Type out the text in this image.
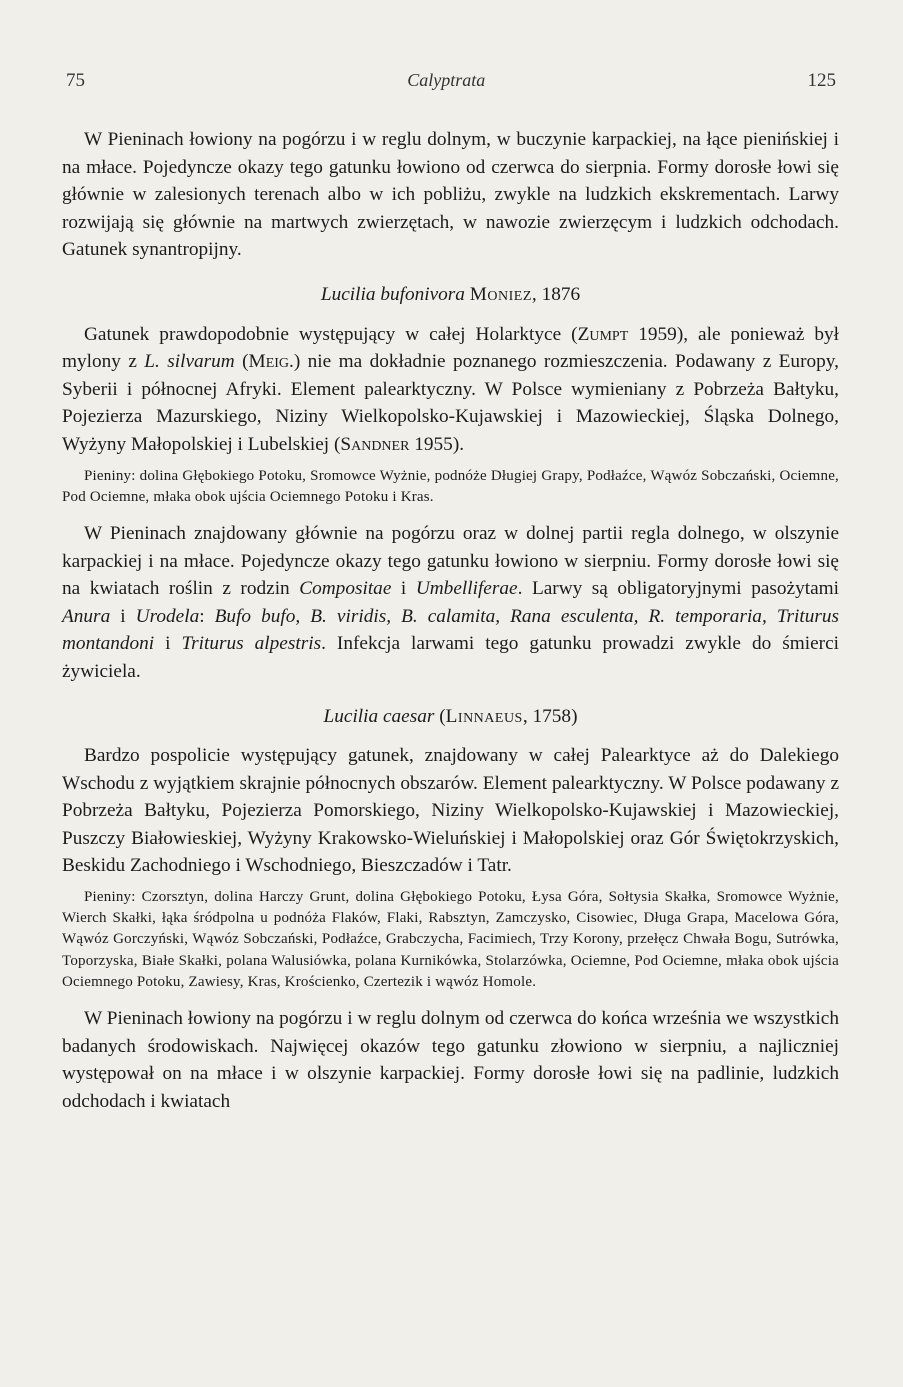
75	Calyptrata	125

W Pieninach łowiony na pogórzu i w reglu dolnym, w buczynie karpackiej, na łące pienińskiej i na młace. Pojedyncze okazy tego gatunku łowiono od czerwca do sierpnia. Formy dorosłe łowi się głównie w zalesionych terenach albo w ich pobliżu, zwykle na ludzkich ekskrementach. Larwy rozwijają się głównie na martwych zwierzętach, w nawozie zwierzęcym i ludzkich odchodach. Gatunek synantropijny.

Lucilia bufonivora Moniez, 1876

Gatunek prawdopodobnie występujący w całej Holarktyce (Zumpt 1959), ale ponieważ był mylony z L. silvarum (Meig.) nie ma dokładnie poznanego rozmieszczenia. Podawany z Europy, Syberii i północnej Afryki. Element palearktyczny. W Polsce wymieniany z Pobrzeża Bałtyku, Pojezierza Mazurskiego, Niziny Wielkopolsko-Kujawskiej i Mazowieckiej, Śląska Dolnego, Wyżyny Małopolskiej i Lubelskiej (Sandner 1955).

Pieniny: dolina Głębokiego Potoku, Sromowce Wyżnie, podnóże Długiej Grapy, Podłaźce, Wąwóz Sobczański, Ociemne, Pod Ociemne, młaka obok ujścia Ociemnego Potoku i Kras.

W Pieninach znajdowany głównie na pogórzu oraz w dolnej partii regla dolnego, w olszynie karpackiej i na młace. Pojedyncze okazy tego gatunku łowiono w sierpniu. Formy dorosłe łowi się na kwiatach roślin z rodzin Compositae i Umbelliferae. Larwy są obligatoryjnymi pasożytami Anura i Urodela: Bufo bufo, B. viridis, B. calamita, Rana esculenta, R. temporaria, Triturus montandoni i Triturus alpestris. Infekcja larwami tego gatunku prowadzi zwykle do śmierci żywiciela.

Lucilia caesar (Linnaeus, 1758)

Bardzo pospolicie występujący gatunek, znajdowany w całej Palearktyce aż do Dalekiego Wschodu z wyjątkiem skrajnie północnych obszarów. Element palearktyczny. W Polsce podawany z Pobrzeża Bałtyku, Pojezierza Pomorskiego, Niziny Wielkopolsko-Kujawskiej i Mazowieckiej, Puszczy Białowieskiej, Wyżyny Krakowsko-Wieluńskiej i Małopolskiej oraz Gór Świętokrzyskich, Beskidu Zachodniego i Wschodniego, Bieszczadów i Tatr.

Pieniny: Czorsztyn, dolina Harczy Grunt, dolina Głębokiego Potoku, Łysa Góra, Sołtysia Skałka, Sromowce Wyżnie, Wierch Skałki, łąka śródpolna u podnóża Flaków, Flaki, Rabsztyn, Zamczysko, Cisowiec, Długa Grapa, Macelowa Góra, Wąwóz Gorczyński, Wąwóz Sobczański, Podłaźce, Grabczycha, Facimiech, Trzy Korony, przełęcz Chwała Bogu, Sutrówka, Toporzyska, Białe Skałki, polana Walusiówka, polana Kurnikówka, Stolarzówka, Ociemne, Pod Ociemne, młaka obok ujścia Ociemnego Potoku, Zawiesy, Kras, Krościenko, Czertezik i wąwóz Homole.

W Pieninach łowiony na pogórzu i w reglu dolnym od czerwca do końca września we wszystkich badanych środowiskach. Najwięcej okazów tego gatunku złowiono w sierpniu, a najliczniej występował on na młace i w olszynie karpackiej. Formy dorosłe łowi się na padlinie, ludzkich odchodach i kwiatach
